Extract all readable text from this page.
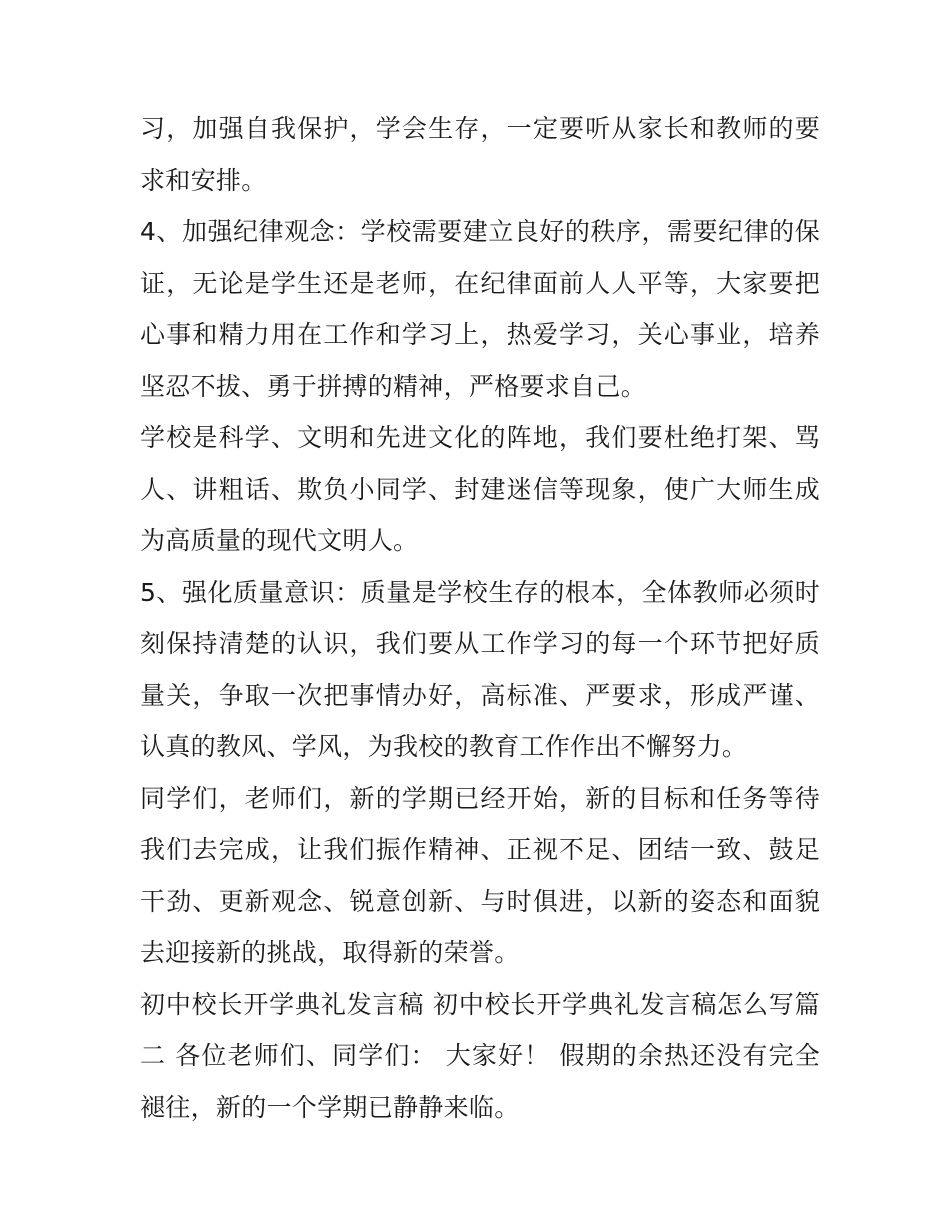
习，加强自我保护，学会生存，一定要听从家长和教师的要求和安排。

4、加强纪律观念：学校需要建立良好的秩序，需要纪律的保证，无论是学生还是老师，在纪律面前人人平等，大家要把心事和精力用在工作和学习上，热爱学习，关心事业，培养坚忍不拔、勇于拼搏的精神，严格要求自己。

学校是科学、文明和先进文化的阵地，我们要杜绝打架、骂人、讲粗话、欺负小同学、封建迷信等现象，使广大师生成为高质量的现代文明人。

5、强化质量意识：质量是学校生存的根本，全体教师必须时刻保持清楚的认识，我们要从工作学习的每一个环节把好质量关，争取一次把事情办好，高标准、严要求，形成严谨、认真的教风、学风，为我校的教育工作作出不懈努力。

同学们，老师们，新的学期已经开始，新的目标和任务等待我们去完成，让我们振作精神、正视不足、团结一致、鼓足干劲、更新观念、锐意创新、与时俱进，以新的姿态和面貌去迎接新的挑战，取得新的荣誉。

初中校长开学典礼发言稿 初中校长开学典礼发言稿怎么写篇二 各位老师们、同学们： 大家好！ 假期的余热还没有完全褪往，新的一个学期已静静来临。
